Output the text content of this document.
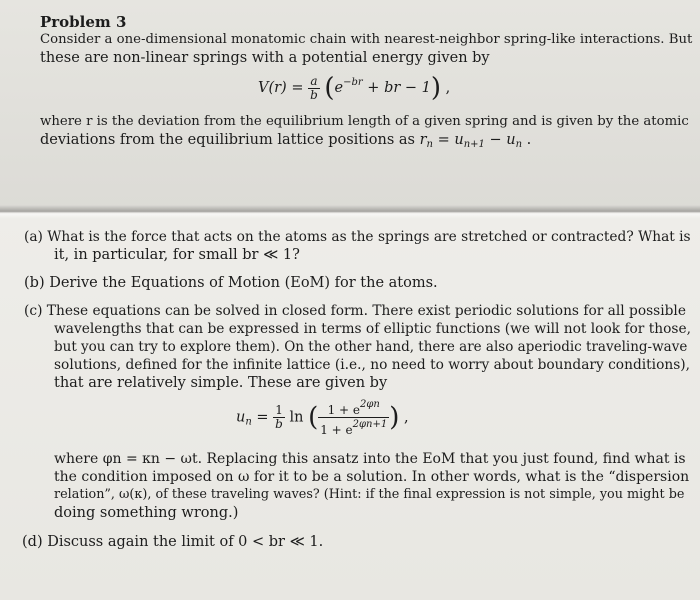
Problem 3
Consider a one-dimensional monatomic chain with nearest-neighbor spring-like interactions. But
these are non-linear springs with a potential energy given by
$V(r) = \frac{a}{b} (e^{-br}$ + br − 1) ,
where r is the deviation from the equilibrium length of a given spring and is given by the atomic
deviations from the equilibrium lattice positions as $r_n = u_{n+1} - u_n$ .
(a) What is the force that acts on the atoms as the springs are stretched or contracted? What is
it, in particular, for small br ≪ 1?
(b) Derive the Equations of Motion (EoM) for the atoms.
(c) These equations can be solved in closed form. There exist periodic solutions for all possible
wavelengths that can be expressed in terms of elliptic functions (we will not look for those,
but you can try to explore them). On the other hand, there are also aperiodic traveling-wave
solutions, defined for the infinite lattice (i.e., no need to worry about boundary conditions),
that are relatively simple. These are given by
$u_n = \frac{1}{b}$ ln ( $\frac{1 + e^{2\varphi n}}{1 + e^{2\varphi n+1}}$ ) ,
where φn = κn − ωt. Replacing this ansatz into the EoM that you just found, find what is
the condition imposed on ω for it to be a solution. In other words, what is the “dispersion
relation”, ω(κ), of these traveling waves? (Hint: if the final expression is not simple, you might be
doing something wrong.)
(d) Discuss again the limit of 0 < br ≪ 1.
